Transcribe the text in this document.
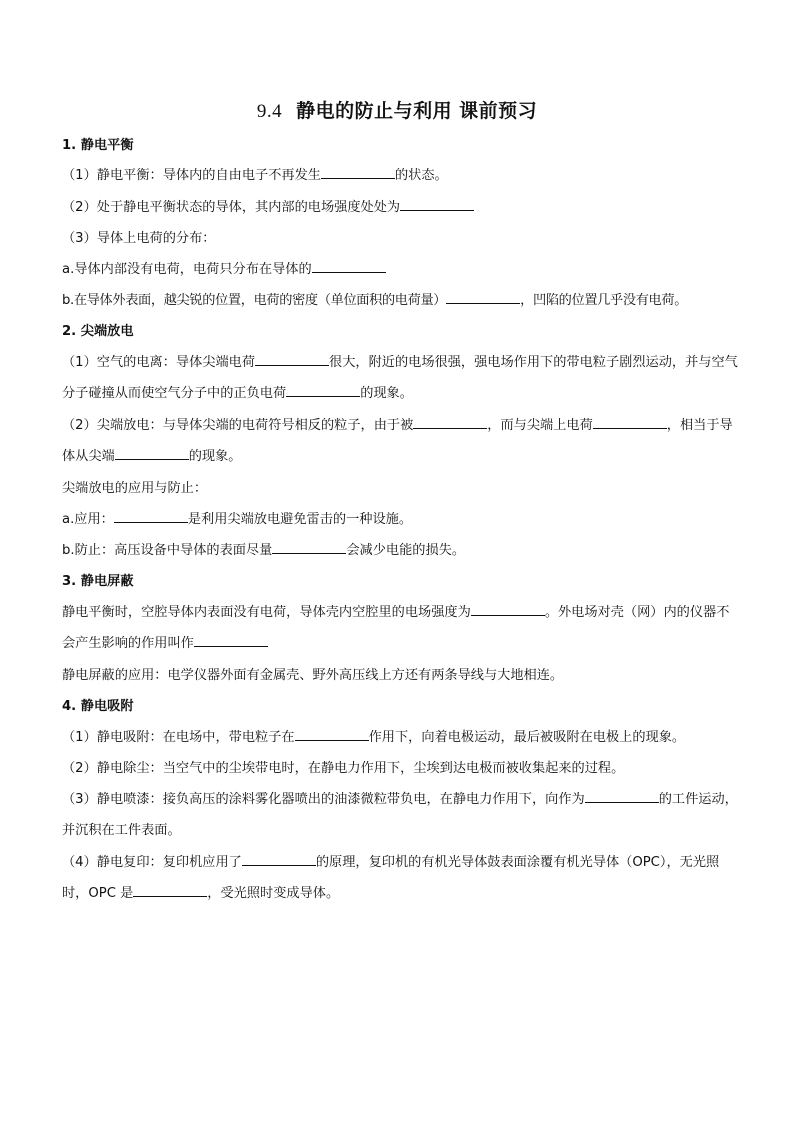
9.4 静电的防止与利用 课前预习
1. 静电平衡
（1）静电平衡：导体内的自由电子不再发生	的状态。
（2）处于静电平衡状态的导体，其内部的电场强度处处为
（3）导体上电荷的分布：
a.导体内部没有电荷，电荷只分布在导体的
b.在导体外表面，越尖锐的位置，电荷的密度（单位面积的电荷量）	，凹陷的位置几乎没有电荷。
2. 尖端放电
（1）空气的电离：导体尖端电荷	很大，附近的电场很强，强电场作用下的带电粒子剧烈运动，并与空气分子碰撞从而使空气分子中的正负电荷	的现象。
（2）尖端放电：与导体尖端的电荷符号相反的粒子，由于被	，而与尖端上电荷	，相当于导体从尖端	的现象。
尖端放电的应用与防止：
a.应用：	是利用尖端放电避免雷击的一种设施。
b.防止：高压设备中导体的表面尽量	会减少电能的损失。
3. 静电屏蔽
静电平衡时，空腔导体内表面没有电荷，导体壳内空腔里的电场强度为	。外电场对壳（网）内的仪器不会产生影响的作用叫作
静电屏蔽的应用：电学仪器外面有金属壳、野外高压线上方还有两条导线与大地相连。
4. 静电吸附
（1）静电吸附：在电场中，带电粒子在	作用下，向着电极运动，最后被吸附在电极上的现象。
（2）静电除尘：当空气中的尘埃带电时，在静电力作用下，尘埃到达电极而被收集起来的过程。
（3）静电喷漆：接负高压的涂料雾化器喷出的油漆微粒带负电，在静电力作用下，向作为	的工件运动，并沉积在工件表面。
（4）静电复印：复印机应用了	的原理，复印机的有机光导体鼓表面涂覆有机光导体（OPC），无光照时，OPC 是	，受光照时变成导体。
